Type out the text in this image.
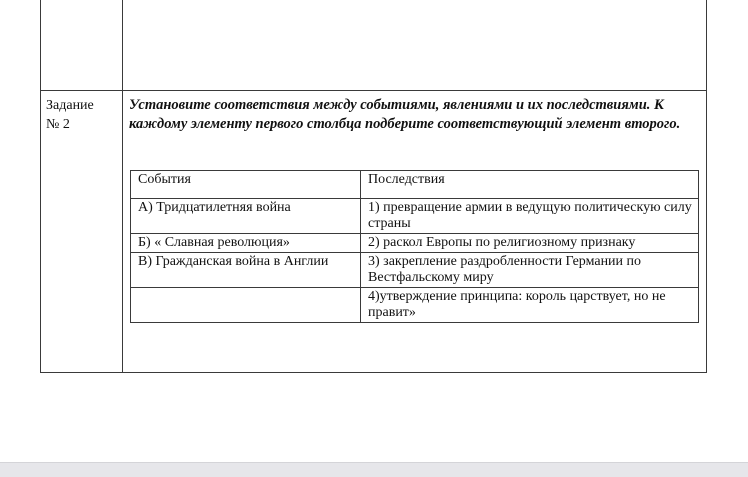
Задание
№ 2
Установите соответствия между событиями, явлениями и их последствиями. К каждому элементу первого столбца подберите соответствующий элемент второго.
События	Последствия
А) Тридцатилетняя война	1) превращение армии в ведущую политическую силу страны
Б) « Славная революция»	2) раскол Европы по религиозному признаку
В) Гражданская война в Англии	3) закрепление раздробленности Германии по Вестфальскому миру
	4)утверждение принципа: король царствует, но не правит»
